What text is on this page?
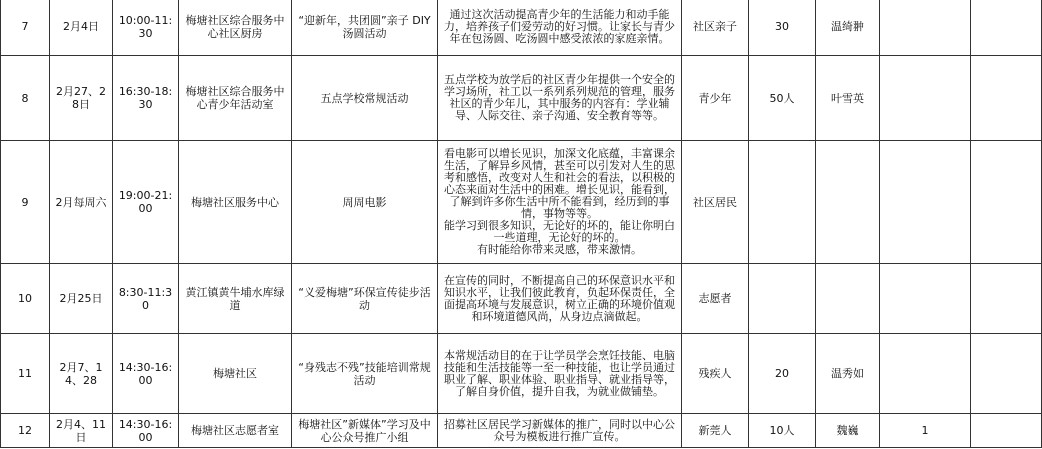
7	2月4日	10:00-11:30	梅塘社区综合服务中心社区厨房	“迎新年，共团圆”亲子 DIY 汤圆活动	通过这次活动提高青少年的生活能力和动手能力，培养孩子们爱劳动的好习惯。让家长与青少年在包汤圆、吃汤圆中感受浓浓的家庭亲情。	社区亲子	30	温绮翀		
8	2月27、28日	16:30-18:30	梅塘社区综合服务中心青少年活动室	五点学校常规活动	五点学校为放学后的社区青少年提供一个安全的学习场所，社工以一系列系列规范的管理，服务社区的青少年儿，其中服务的内容有：学业辅导、人际交往、亲子沟通、安全教育等等。	青少年	50人	叶雪英		
9	2月每周六	19:00-21:00	梅塘社区服务中心	周周电影	看电影可以增长见识，加深文化底蕴，丰富课余生活，了解异乡风情，甚至可以引发对人生的思考和感悟，改变对人生和社会的看法，以积极的心态来面对生活中的困难。增长见识，能看到，了解到许多你生活中所不能看到，经历到的事情，事物等等。
能学习到很多知识，无论好的坏的，能让你明白一些道理，无论好的坏的。
有时能给你带来灵感，带来激情。	社区居民				
10	2月25日	8:30-11:30	黄江镇黄牛埔水库绿道	“义爱梅塘”环保宣传徒步活动	在宣传的同时，不断提高自己的环保意识水平和知识水平，让我们彼此教育，负起环保责任，全面提高环境与发展意识，树立正确的环境价值观和环境道德风尚，从身边点滴做起。	志愿者				
11	2月7、14、28	14:30-16:00	梅塘社区	“身残志不残”技能培训常规活动	本常规活动目的在于让学员学会烹饪技能、电脑技能和生活技能等一至一种技能，也让学员通过职业了解、职业体验、职业指导、就业指导等，了解自身价值，提升自我，为就业做铺垫。	残疾人	20	温秀如		
12	2月4、11日	14:30-16:00	梅塘社区志愿者室	梅塘社区”新媒体”学习及中心公众号推广小组	招募社区居民学习新媒体的推广，同时以中心公众号为模板进行推广宣传。	新莞人	10人	魏巍	1	
